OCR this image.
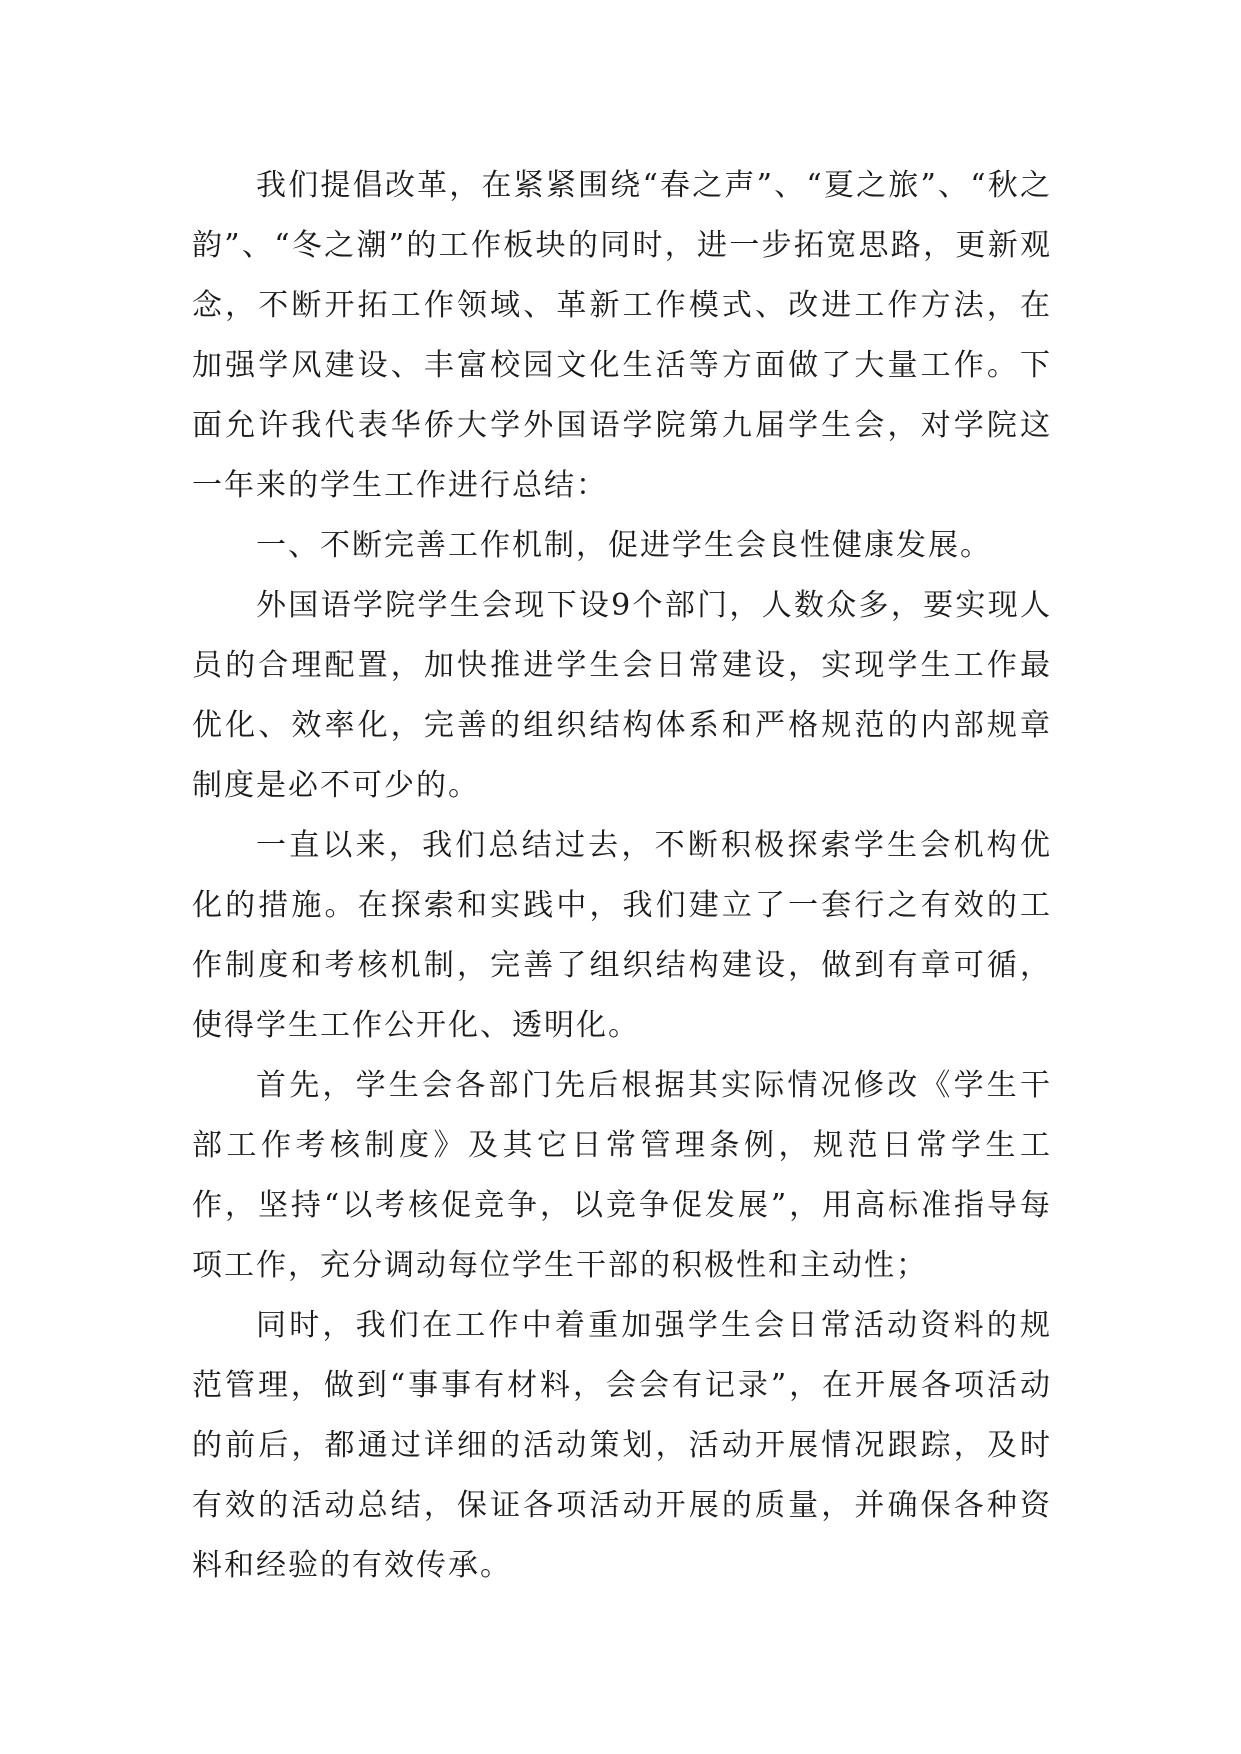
我们提倡改革，在紧紧围绕“春之声”、“夏之旅”、“秋之韵”、“冬之潮”的工作板块的同时，进一步拓宽思路，更新观念，不断开拓工作领域、革新工作模式、改进工作方法，在加强学风建设、丰富校园文化生活等方面做了大量工作。下面允许我代表华侨大学外国语学院第九届学生会，对学院这一年来的学生工作进行总结：

一、不断完善工作机制，促进学生会良性健康发展。

外国语学院学生会现下设9个部门，人数众多，要实现人员的合理配置，加快推进学生会日常建设，实现学生工作最优化、效率化，完善的组织结构体系和严格规范的内部规章制度是必不可少的。

一直以来，我们总结过去，不断积极探索学生会机构优化的措施。在探索和实践中，我们建立了一套行之有效的工作制度和考核机制，完善了组织结构建设，做到有章可循，使得学生工作公开化、透明化。

首先，学生会各部门先后根据其实际情况修改《学生干部工作考核制度》及其它日常管理条例，规范日常学生工作，坚持“以考核促竞争，以竞争促发展”，用高标准指导每项工作，充分调动每位学生干部的积极性和主动性；

同时，我们在工作中着重加强学生会日常活动资料的规范管理，做到“事事有材料，会会有记录”，在开展各项活动的前后，都通过详细的活动策划，活动开展情况跟踪，及时有效的活动总结，保证各项活动开展的质量，并确保各种资料和经验的有效传承。
